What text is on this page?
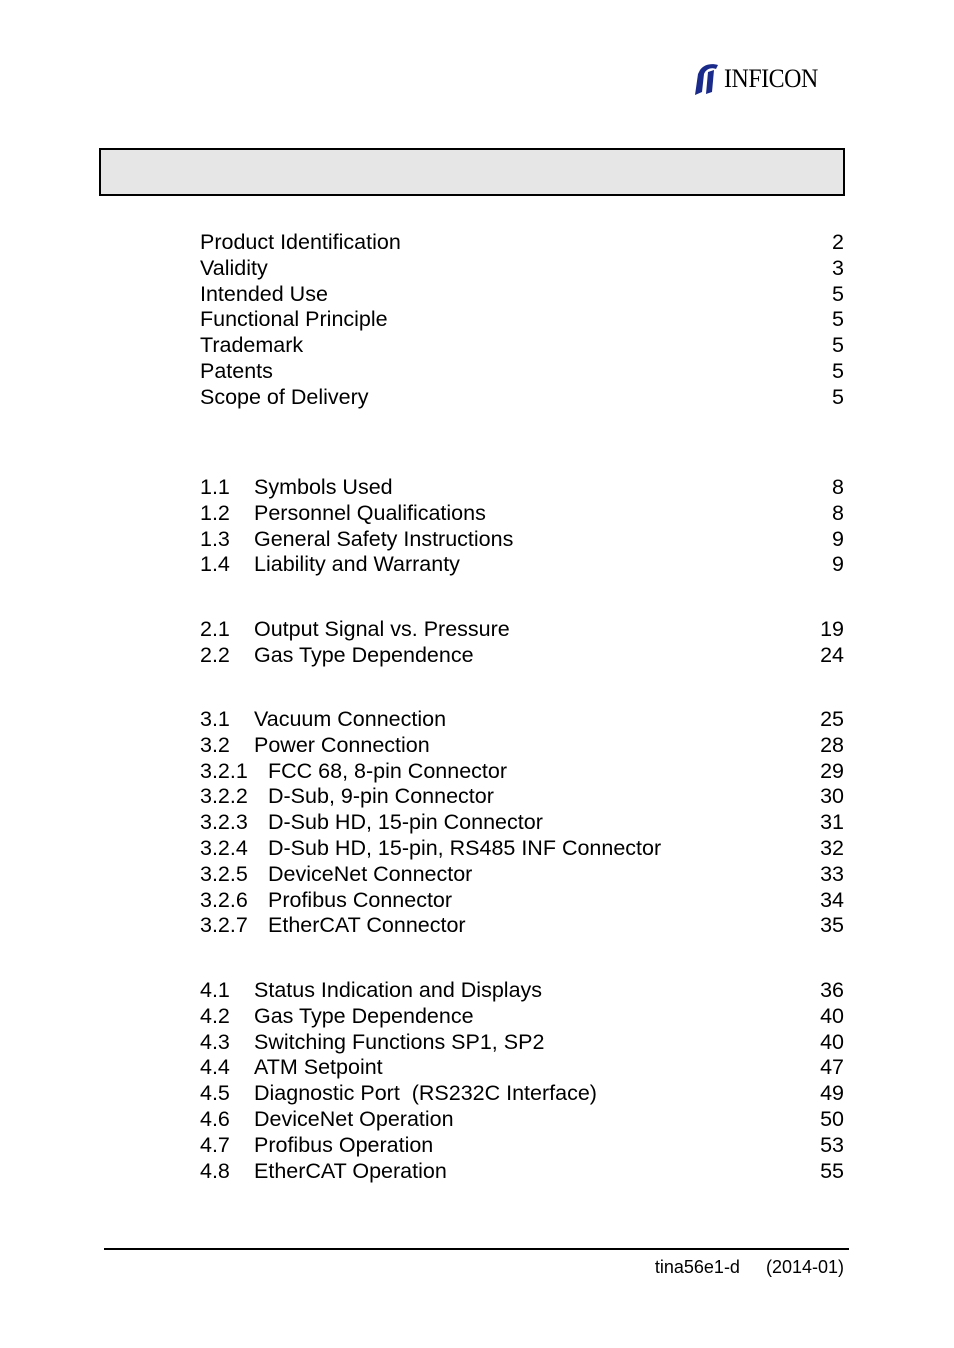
INFICON
Product Identification	2
Validity	3
Intended Use	5
Functional Principle	5
Trademark	5
Patents	5
Scope of Delivery	5
1.1	Symbols Used	8
1.2	Personnel Qualifications	8
1.3	General Safety Instructions	9
1.4	Liability and Warranty	9
2.1	Output Signal vs. Pressure	19
2.2	Gas Type Dependence	24
3.1	Vacuum Connection	25
3.2	Power Connection	28
3.2.1 FCC 68, 8-pin Connector	29
3.2.2 D-Sub, 9-pin Connector	30
3.2.3 D-Sub HD, 15-pin Connector	31
3.2.4 D-Sub HD, 15-pin, RS485 INF Connector	32
3.2.5 DeviceNet Connector	33
3.2.6 Profibus Connector	34
3.2.7 EtherCAT Connector	35
4.1	Status Indication and Displays	36
4.2	Gas Type Dependence	40
4.3	Switching Functions SP1, SP2	40
4.4	ATM Setpoint	47
4.5	Diagnostic Port  (RS232C Interface)	49
4.6	DeviceNet Operation	50
4.7	Profibus Operation	53
4.8	EtherCAT Operation	55
tina56e1-d (2014-01)
